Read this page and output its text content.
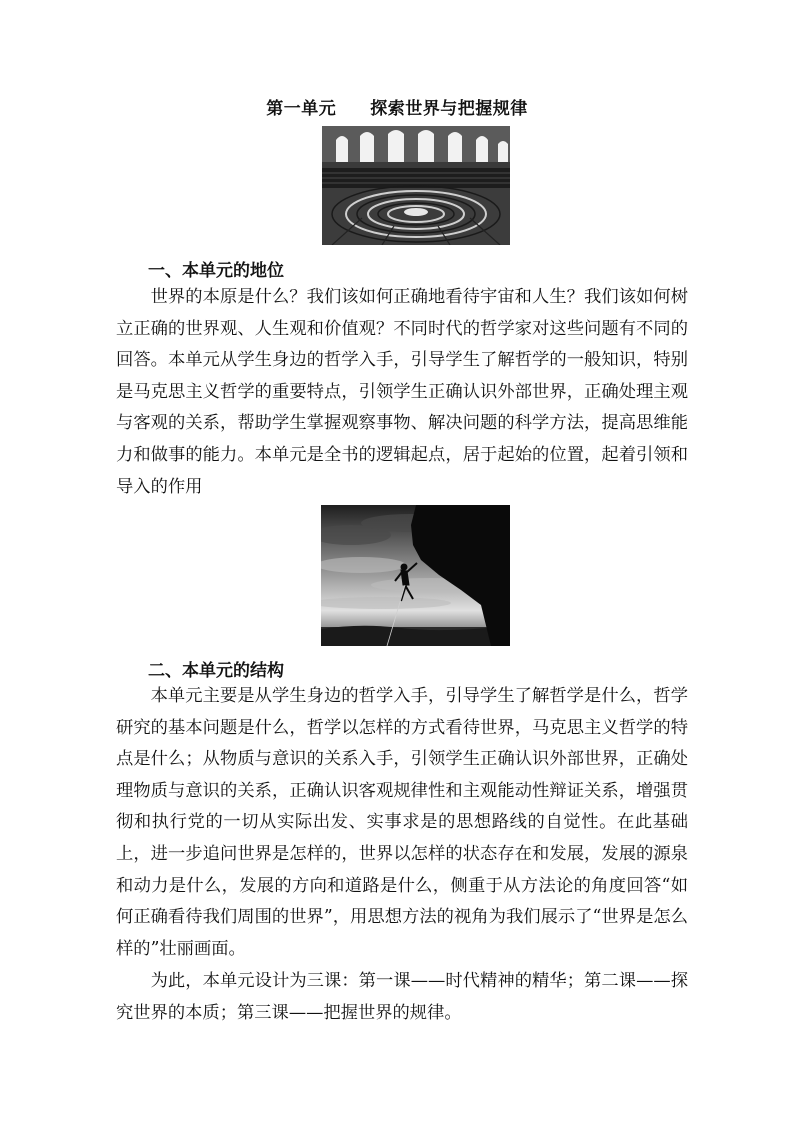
第一单元 探索世界与把握规律
一、本单元的地位

世界的本原是什么？我们该如何正确地看待宇宙和人生？我们该如何树立正确的世界观、人生观和价值观？不同时代的哲学家对这些问题有不同的回答。本单元从学生身边的哲学入手，引导学生了解哲学的一般知识，特别是马克思主义哲学的重要特点，引领学生正确认识外部世界，正确处理主观与客观的关系，帮助学生掌握观察事物、解决问题的科学方法，提高思维能力和做事的能力。本单元是全书的逻辑起点，居于起始的位置，起着引领和导入的作用

二、本单元的结构

本单元主要是从学生身边的哲学入手，引导学生了解哲学是什么，哲学研究的基本问题是什么，哲学以怎样的方式看待世界，马克思主义哲学的特点是什么；从物质与意识的关系入手，引领学生正确认识外部世界，正确处理物质与意识的关系，正确认识客观规律性和主观能动性辩证关系，增强贯彻和执行党的一切从实际出发、实事求是的思想路线的自觉性。在此基础上，进一步追问世界是怎样的，世界以怎样的状态存在和发展，发展的源泉和动力是什么，发展的方向和道路是什么，侧重于从方法论的角度回答“如何正确看待我们周围的世界”，用思想方法的视角为我们展示了“世界是怎么样的”壮丽画面。

为此，本单元设计为三课：第一课——时代精神的精华；第二课——探究世界的本质；第三课——把握世界的规律。
